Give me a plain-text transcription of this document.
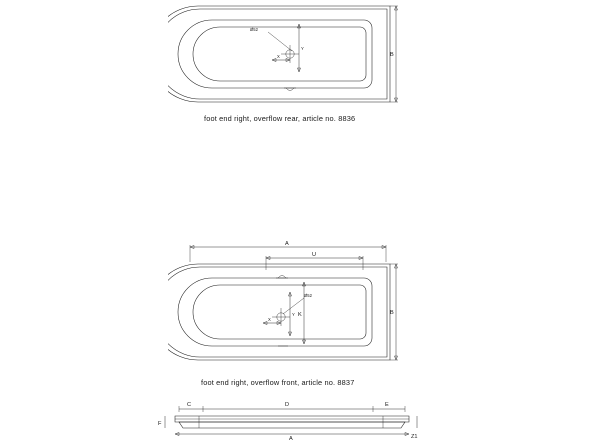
Ø52
X
Y
B
foot end right, overflow rear, article no. 8836
A
U
Ø52
X
Y K	B
foot end right, overflow front, article no. 8837
C	D	E
F
Z1
A
